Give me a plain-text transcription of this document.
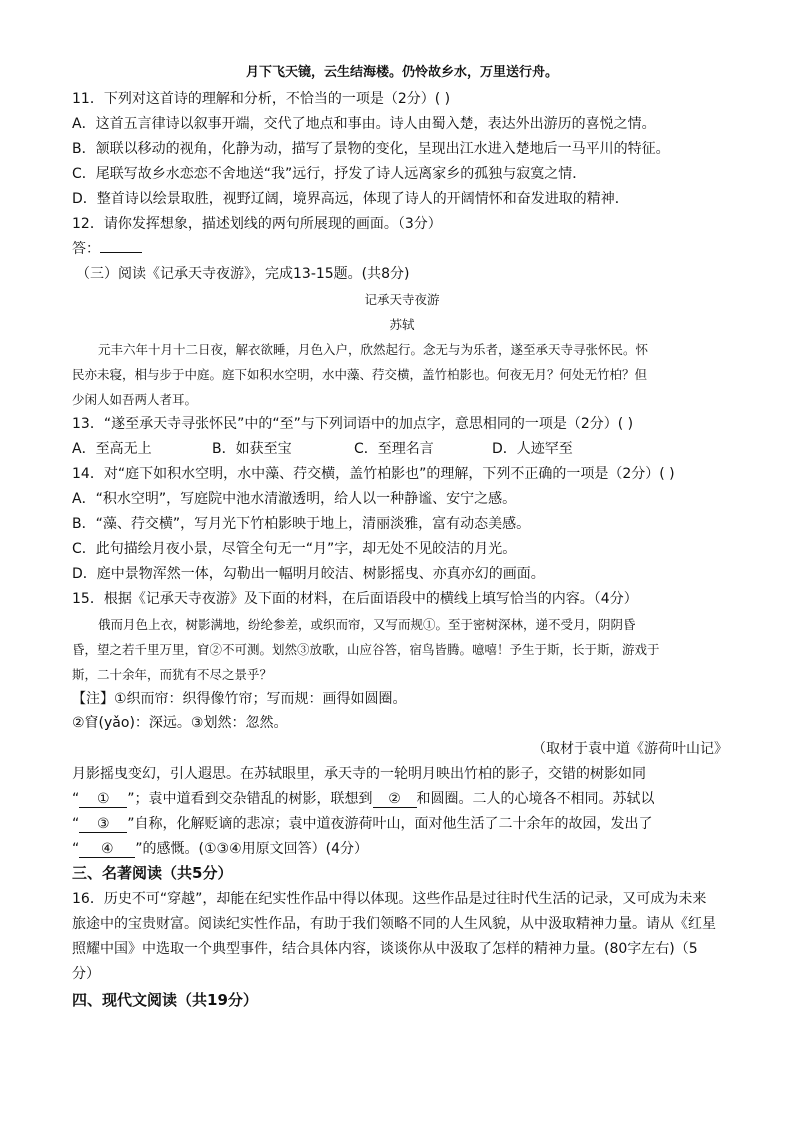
月下飞天镜，云生结海楼。仍怜故乡水，万里送行舟。
11．下列对这首诗的理解和分析，不恰当的一项是（2分）( )
A．这首五言律诗以叙事开端，交代了地点和事由。诗人由蜀入楚，表达外出游历的喜悦之情。
B．颔联以移动的视角，化静为动，描写了景物的变化，呈现出江水进入楚地后一马平川的特征。
C．尾联写故乡水恋恋不舍地送“我”远行，抒发了诗人远离家乡的孤独与寂寞之情．
D．整首诗以绘景取胜，视野辽阔，境界高远，体现了诗人的开阔情怀和奋发进取的精神．
12．请你发挥想象，描述划线的两句所展现的画面。（3分）
答：
（三）阅读《记承天寺夜游》，完成13-15题。(共8分)
记承天寺夜游
苏轼
元丰六年十月十二日夜，解衣欲睡，月色入户，欣然起行。念无与为乐者，遂至承天寺寻张怀民。怀
民亦未寝，相与步于中庭。庭下如积水空明，水中藻、荇交横，盖竹柏影也。何夜无月？何处无竹柏？但
少闲人如吾两人者耳。
13．“遂至承天寺寻张怀民”中的“至”与下列词语中的加点字，意思相同的一项是（2分）( )
A．至高无上	B．如获至宝	C．至理名言	D．人迹罕至
14．对“庭下如积水空明，水中藻、荇交横，盖竹柏影也”的理解，下列不正确的一项是（2分）( )
A．“积水空明”，写庭院中池水清澈透明，给人以一种静谧、安宁之感。
B．“藻、荇交横”，写月光下竹柏影映于地上，清丽淡雅，富有动态美感。
C．此句描绘月夜小景，尽管全句无一“月”字，却无处不见皎洁的月光。
D．庭中景物浑然一体，勾勒出一幅明月皎洁、树影摇曳、亦真亦幻的画面。
15．根据《记承天寺夜游》及下面的材料，在后面语段中的横线上填写恰当的内容。（4分）
俄而月色上衣，树影满地，纷纶参差，或织而帘，又写而规①。至于密树深林，递不受月，阴阴昏
昏，望之若千里万里，窅②不可测。划然③放歌，山应谷答，宿鸟皆腾。噫嘻！予生于斯，长于斯，游戏于
斯，二十余年，而犹有不尽之景乎？
【注】①织而帘：织得像竹帘；写而规：画得如圆圈。
②窅(yǎo)：深远。③划然：忽然。
（取材于袁中道《游荷叶山记》
月影摇曳变幻，引人遐思。在苏轼眼里，承天寺的一轮明月映出竹柏的影子，交错的树影如同
“ ① ”；袁中道看到交杂错乱的树影，联想到 ② 和圆圈。二人的心境各不相同。苏轼以
“ ③ ”自称，化解贬谪的悲凉；袁中道夜游荷叶山，面对他生活了二十余年的故园，发出了
“ ④ ”的感慨。(①③④用原文回答）(4分）
三、名著阅读（共5分）
16．历史不可“穿越”，却能在纪实性作品中得以体现。这些作品是过往时代生活的记录，又可成为未来
旅途中的宝贵财富。阅读纪实性作品，有助于我们领略不同的人生风貌，从中汲取精神力量。请从《红星
照耀中国》中选取一个典型事件，结合具体内容，谈谈你从中汲取了怎样的精神力量。(80字左右)（5
分）
四、现代文阅读（共19分）
